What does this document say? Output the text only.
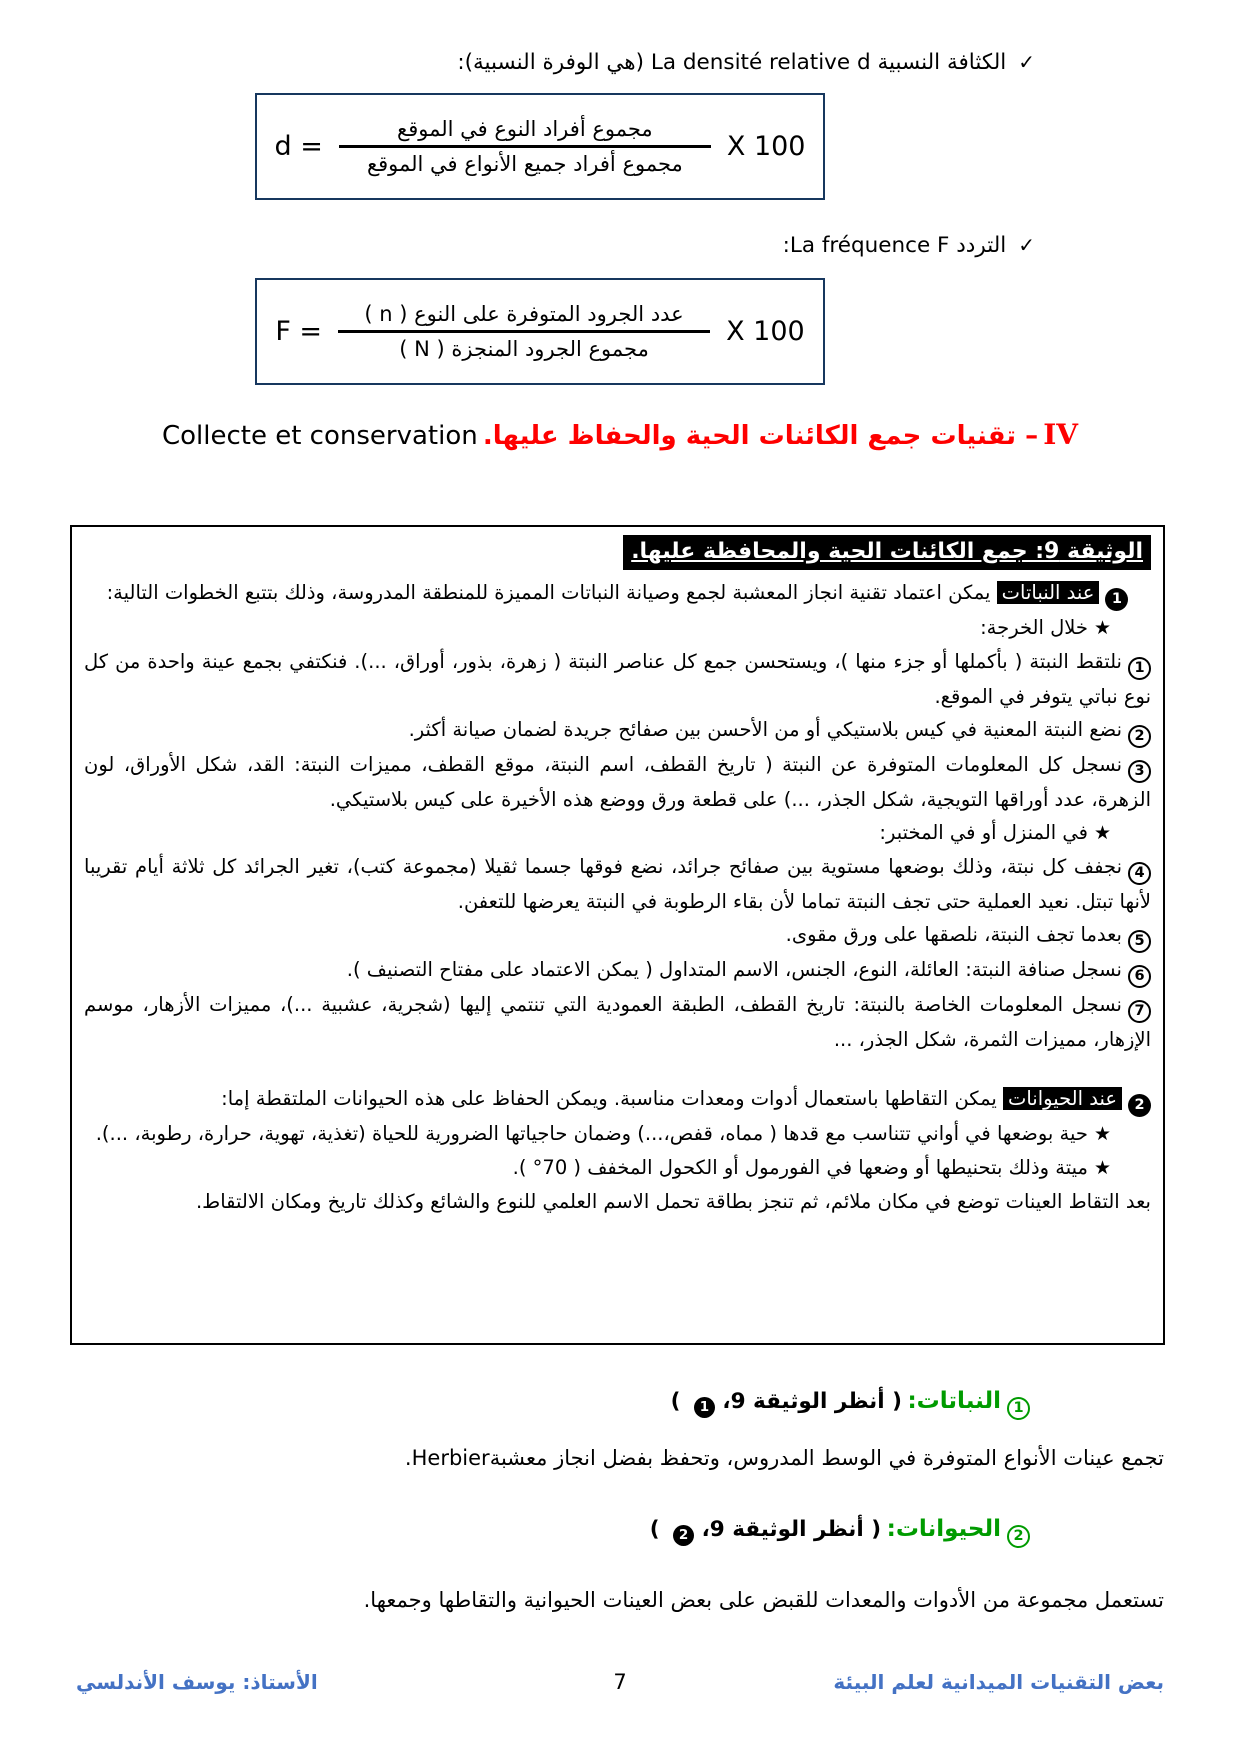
✓الكثافة النسبية La densité relative d (هي الوفرة النسبية):
$d = \frac{\text{مجموع أفراد النوع في الموقع}}{\text{مجموع أفراد جميع الأنواع في الموقع}}$ X 100
✓التردد La fréquence F:
$F = \frac{\text{عدد الجرود المتوفرة على النوع ( n )}}{\text{مجموع الجرود المنجزة ( N )}}$ X 100
IV – تقنيات جمع الكائنات الحية والحفاظ عليها. Collecte et conservation
الوثيقة 9: جمع الكائنات الحية والمحافظة عليها.

1عند النباتات يمكن اعتماد تقنية انجاز المعشبة لجمع وصيانة النباتات المميزة للمنطقة المدروسة، وذلك بتتبع الخطوات التالية:

★خلال الخرجة:

1نلتقط النبتة ( بأكملها أو جزء منها )، ويستحسن جمع كل عناصر النبتة ( زهرة، بذور، أوراق، ...). فنكتفي بجمع عينة واحدة من كل نوع نباتي يتوفر في الموقع.

2نضع النبتة المعنية في كيس بلاستيكي أو من الأحسن بين صفائح جريدة لضمان صيانة أكثر.

3نسجل كل المعلومات المتوفرة عن النبتة ( تاريخ القطف، اسم النبتة، موقع القطف، مميزات النبتة: القد، شكل الأوراق، لون الزهرة، عدد أوراقها التويجية، شكل الجذر، ...) على قطعة ورق ووضع هذه الأخيرة على كيس بلاستيكي.

★في المنزل أو في المختبر:

4نجفف كل نبتة، وذلك بوضعها مستوية بين صفائح جرائد، نضع فوقها جسما ثقيلا (مجموعة كتب)، تغير الجرائد كل ثلاثة أيام تقريبا لأنها تبتل. نعيد العملية حتى تجف النبتة تماما لأن بقاء الرطوبة في النبتة يعرضها للتعفن.

5بعدما تجف النبتة، نلصقها على ورق مقوى.

6نسجل صنافة النبتة: العائلة، النوع، الجنس، الاسم المتداول ( يمكن الاعتماد على مفتاح التصنيف ).

7نسجل المعلومات الخاصة بالنبتة: تاريخ القطف، الطبقة العمودية التي تنتمي إليها (شجرية، عشبية ...)، مميزات الأزهار، موسم الإزهار، مميزات الثمرة، شكل الجذر، ...

2عند الحيوانات يمكن التقاطها باستعمال أدوات ومعدات مناسبة. ويمكن الحفاظ على هذه الحيوانات الملتقطة إما:

★حية بوضعها في أواني تتناسب مع قدها ( مماه، قفص،...) وضمان حاجياتها الضرورية للحياة (تغذية، تهوية، حرارة، رطوبة، ...).

★ميتة وذلك بتحنيطها أو وضعها في الفورمول أو الكحول المخفف ( 70° ).

بعد التقاط العينات توضع في مكان ملائم، ثم تنجز بطاقة تحمل الاسم العلمي للنوع والشائع وكذلك تاريخ ومكان الالتقاط.

1النباتات: ( أنظر الوثيقة 9، 1 )
تجمع عينات الأنواع المتوفرة في الوسط المدروس، وتحفظ بفضل انجاز معشبةHerbier.
2الحيوانات: ( أنظر الوثيقة 9، 2 )
تستعمل مجموعة من الأدوات والمعدات للقبض على بعض العينات الحيوانية والتقاطها وجمعها.
بعض التقنيات الميدانية لعلم البيئة
7
الأستاذ: يوسف الأندلسي
